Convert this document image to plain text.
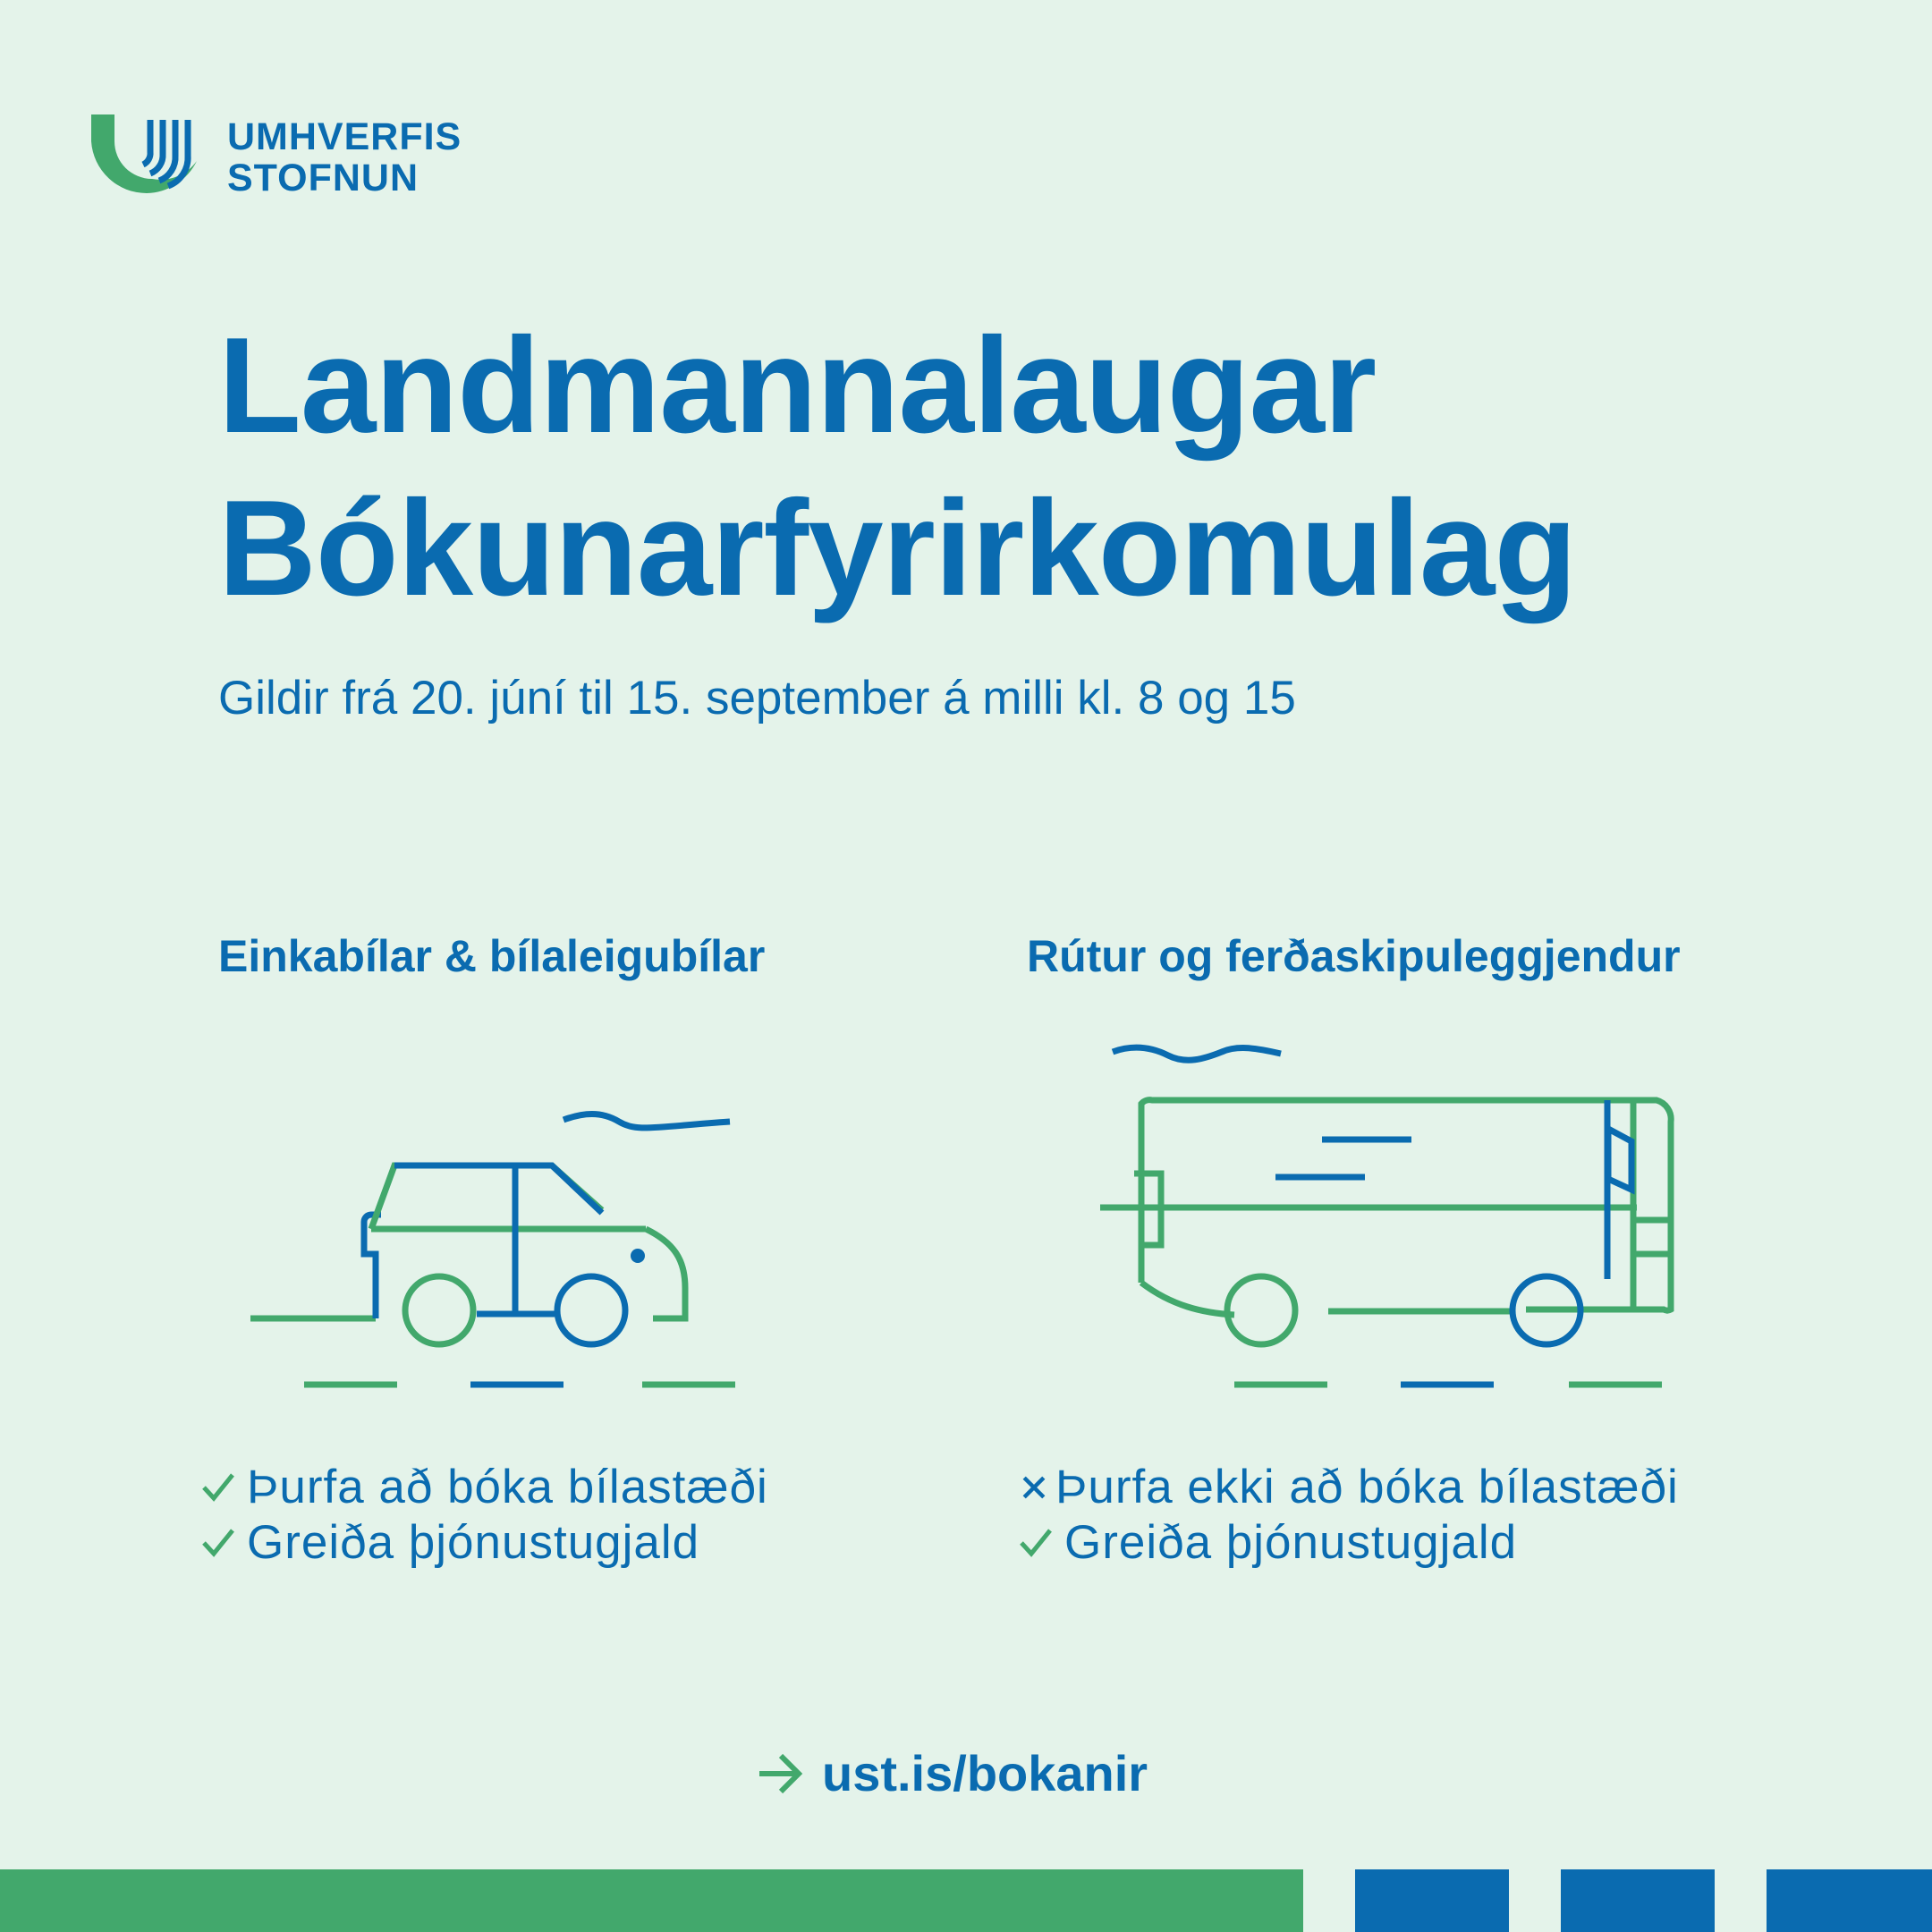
UMHVERFIS
STOFNUN
Landmannalaugar
Bókunarfyrirkomulag

Gildir frá 20. júní til 15. september á milli kl. 8 og 15

Einkabílar & bílaleigubílar	Rútur og ferðaskipuleggjendur
Þurfa að bóka bílastæði
Greiða þjónustugjald
Þurfa ekki að bóka bílastæði
Greiða þjónustugjald
ust.is/bokanir
